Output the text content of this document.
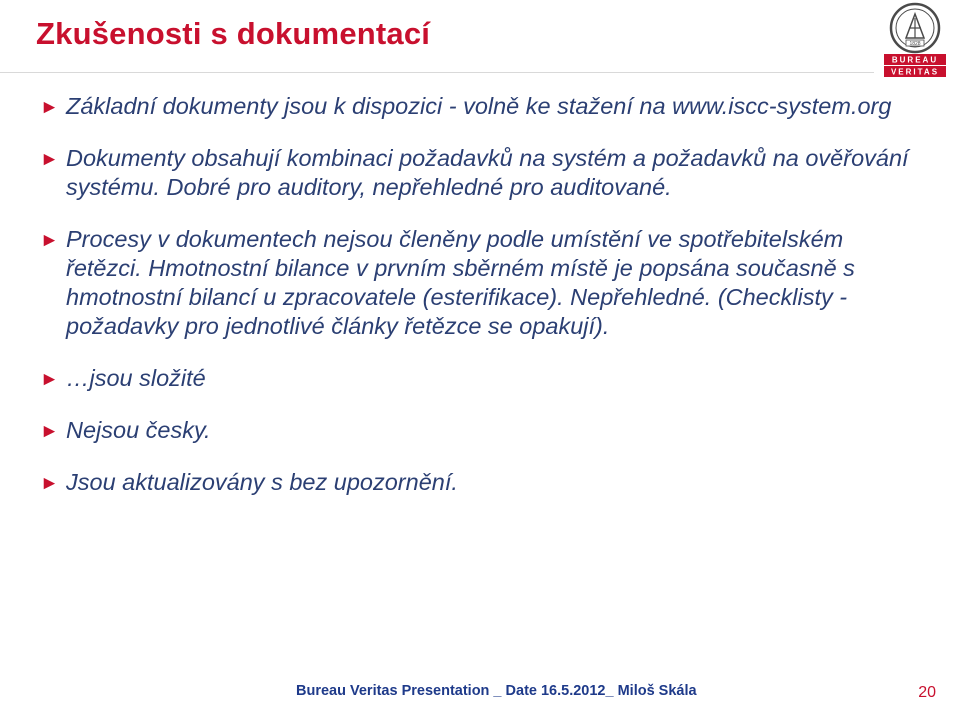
Zkušenosti s dokumentací	1828
BUREAU
VERITAS
► Základní dokumenty jsou k dispozici - volně ke stažení na www.iscc-system.org
► Dokumenty obsahují kombinaci požadavků na systém a požadavků na ověřování systému. Dobré pro auditory, nepřehledné pro auditované.
► Procesy v dokumentech nejsou členěny podle umístění ve spotřebitelském řetězci. Hmotnostní bilance v prvním sběrném místě je popsána současně s hmotnostní bilancí u zpracovatele (esterifikace). Nepřehledné. (Checklisty - požadavky pro jednotlivé články řetězce se opakují).
► …jsou složité
► Nejsou česky.
► Jsou aktualizovány s bez upozornění.
Bureau Veritas Presentation _ Date 16.5.2012_ Miloš Skála	20
